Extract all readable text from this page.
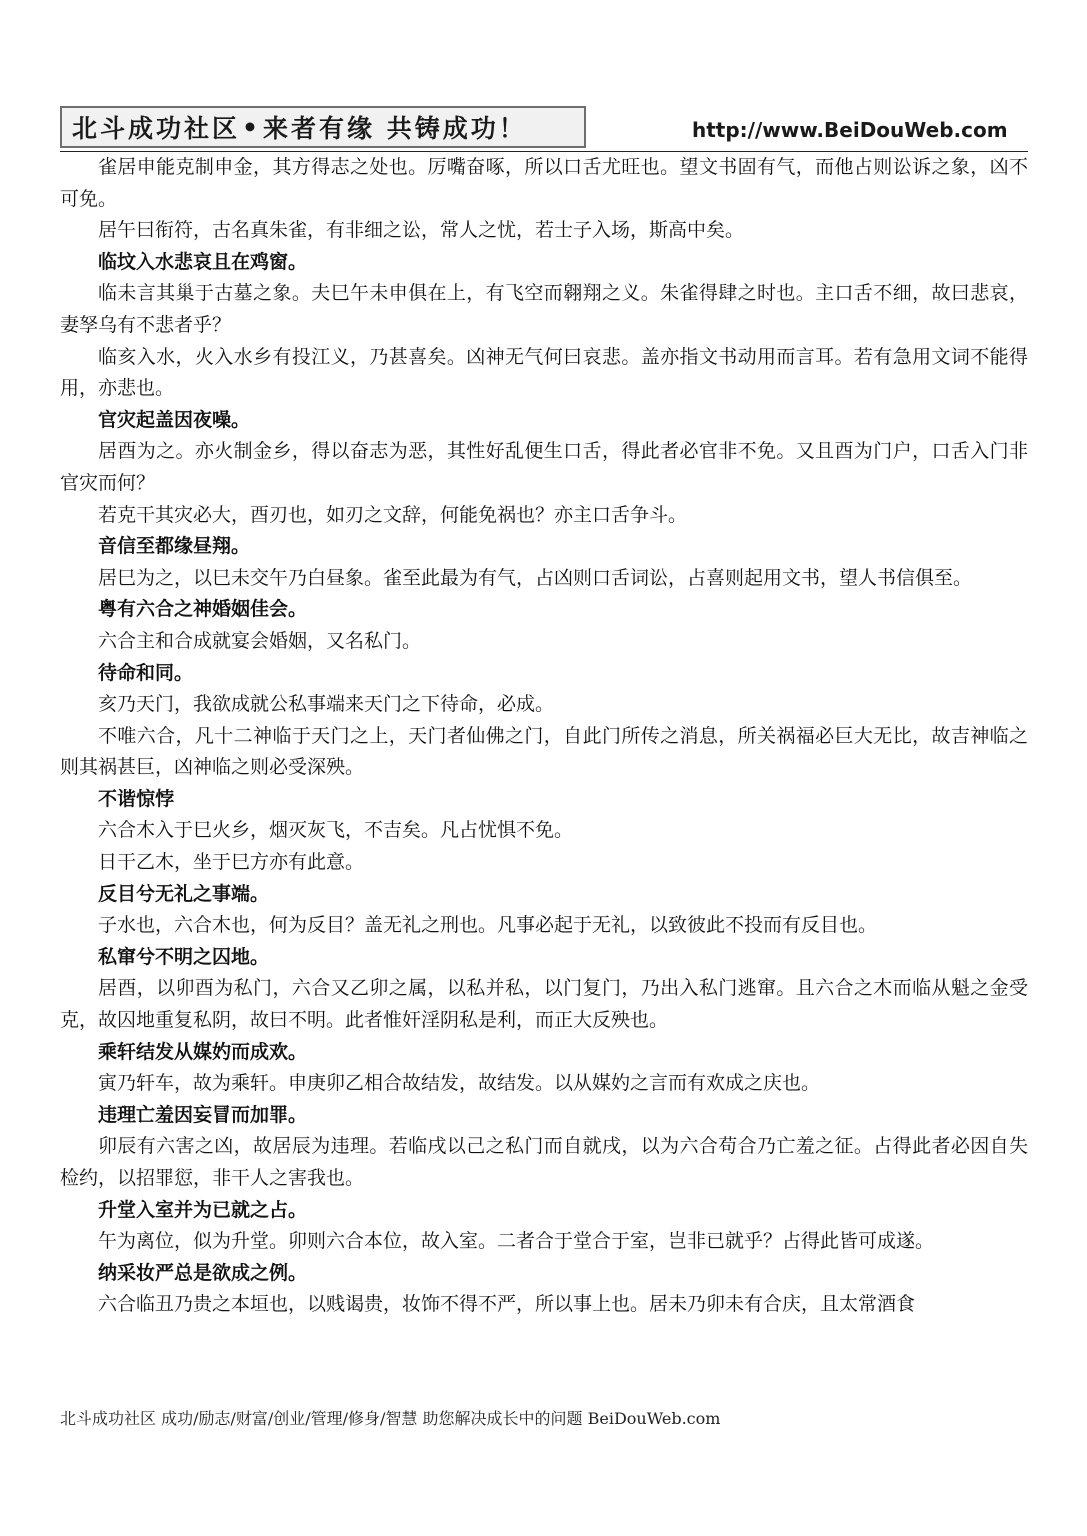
北斗成功社区 • 来者有缘 共铸成功！	http://www.BeiDouWeb.com

雀居申能克制申金，其方得志之处也。厉嘴奋啄，所以口舌尤旺也。望文书固有气，而他占则讼诉之象，凶不可免。

居午曰衔符，古名真朱雀，有非细之讼，常人之忧，若士子入场，斯高中矣。

临坟入水悲哀且在鸡窗。

临未言其巢于古墓之象。夫巳午未申俱在上，有飞空而翱翔之义。朱雀得肆之时也。主口舌不细，故曰悲哀，妻孥乌有不悲者乎？

临亥入水，火入水乡有投江义，乃甚喜矣。凶神无气何曰哀悲。盖亦指文书动用而言耳。若有急用文词不能得用，亦悲也。

官灾起盖因夜噪。

居酉为之。亦火制金乡，得以奋志为恶，其性好乱便生口舌，得此者必官非不免。又且酉为门户，口舌入门非官灾而何？

若克干其灾必大，酉刃也，如刃之文辞，何能免祸也？亦主口舌争斗。

音信至都缘昼翔。

居巳为之，以巳未交午乃白昼象。雀至此最为有气，占凶则口舌词讼，占喜则起用文书，望人书信俱至。

粤有六合之神婚姻佳会。

六合主和合成就宴会婚姻，又名私门。

待命和同。

亥乃天门，我欲成就公私事端来天门之下待命，必成。

不唯六合，凡十二神临于天门之上，天门者仙佛之门，自此门所传之消息，所关祸福必巨大无比，故吉神临之则其祸甚巨，凶神临之则必受深殃。

不谐惊悖

六合木入于巳火乡，烟灭灰飞，不吉矣。凡占忧惧不免。

日干乙木，坐于巳方亦有此意。

反目兮无礼之事端。

子水也，六合木也，何为反目？盖无礼之刑也。凡事必起于无礼，以致彼此不投而有反目也。

私窜兮不明之囚地。

居酉，以卯酉为私门，六合又乙卯之属，以私并私，以门复门，乃出入私门逃窜。且六合之木而临从魁之金受克，故囚地重复私阴，故曰不明。此者惟奸淫阴私是利，而正大反殃也。

乘轩结发从媒妁而成欢。

寅乃轩车，故为乘轩。申庚卯乙相合故结发，故结发。以从媒妁之言而有欢成之庆也。

违理亡羞因妄冒而加罪。

卯辰有六害之凶，故居辰为违理。若临戌以己之私门而自就戌，以为六合苟合乃亡羞之征。占得此者必因自失检约，以招罪愆，非干人之害我也。

升堂入室并为已就之占。

午为离位，似为升堂。卯则六合本位，故入室。二者合于堂合于室，岂非已就乎？占得此皆可成遂。

纳采妆严总是欲成之例。

六合临丑乃贵之本垣也，以贱谒贵，妆饰不得不严，所以事上也。居未乃卯未有合庆，且太常酒食

北斗成功社区 成功/励志/财富/创业/管理/修身/智慧 助您解决成长中的问题 BeiDouWeb.com
